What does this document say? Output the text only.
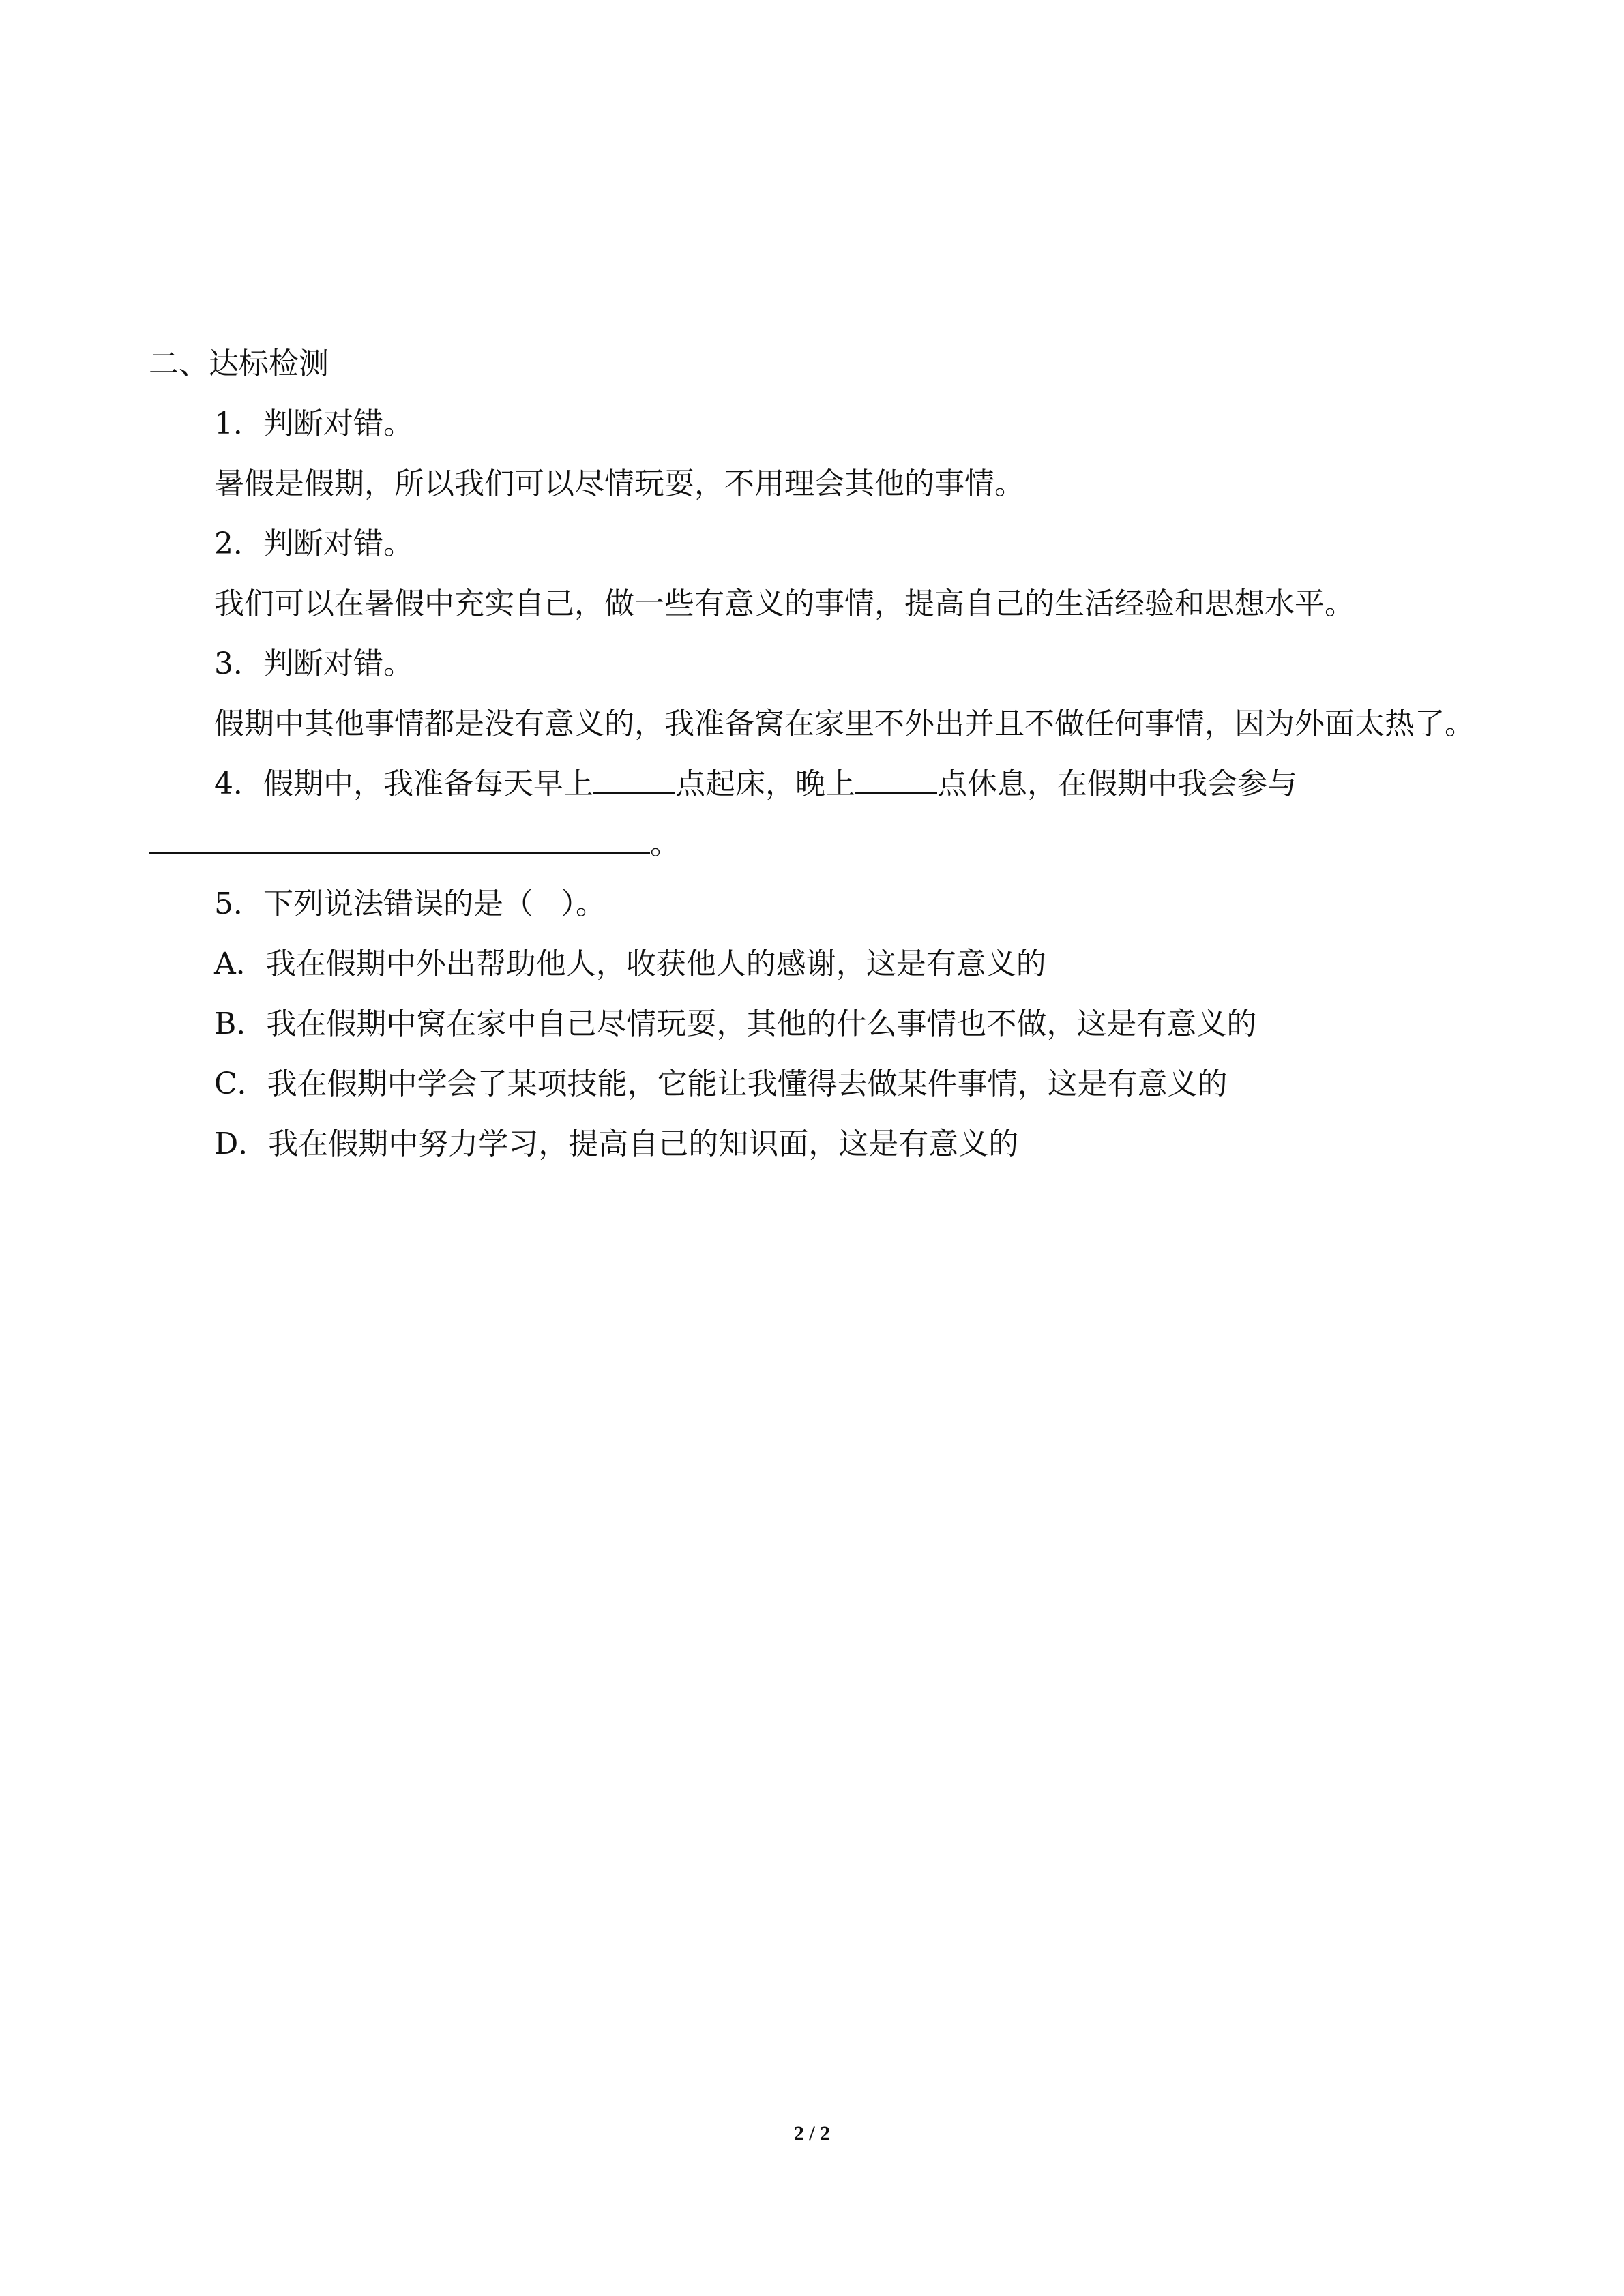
二、达标检测
1．判断对错。
暑假是假期，所以我们可以尽情玩耍，不用理会其他的事情。
2．判断对错。
我们可以在暑假中充实自己，做一些有意义的事情，提高自己的生活经验和思想水平。
3．判断对错。
假期中其他事情都是没有意义的，我准备窝在家里不外出并且不做任何事情，因为外面太热了。
4．假期中，我准备每天早上	点起床，晚上	点休息，在假期中我会参与
。
5．下列说法错误的是（ ）。
A．我在假期中外出帮助他人，收获他人的感谢，这是有意义的
B．我在假期中窝在家中自己尽情玩耍，其他的什么事情也不做，这是有意义的
C．我在假期中学会了某项技能，它能让我懂得去做某件事情，这是有意义的
D．我在假期中努力学习，提高自己的知识面，这是有意义的
2 / 2
